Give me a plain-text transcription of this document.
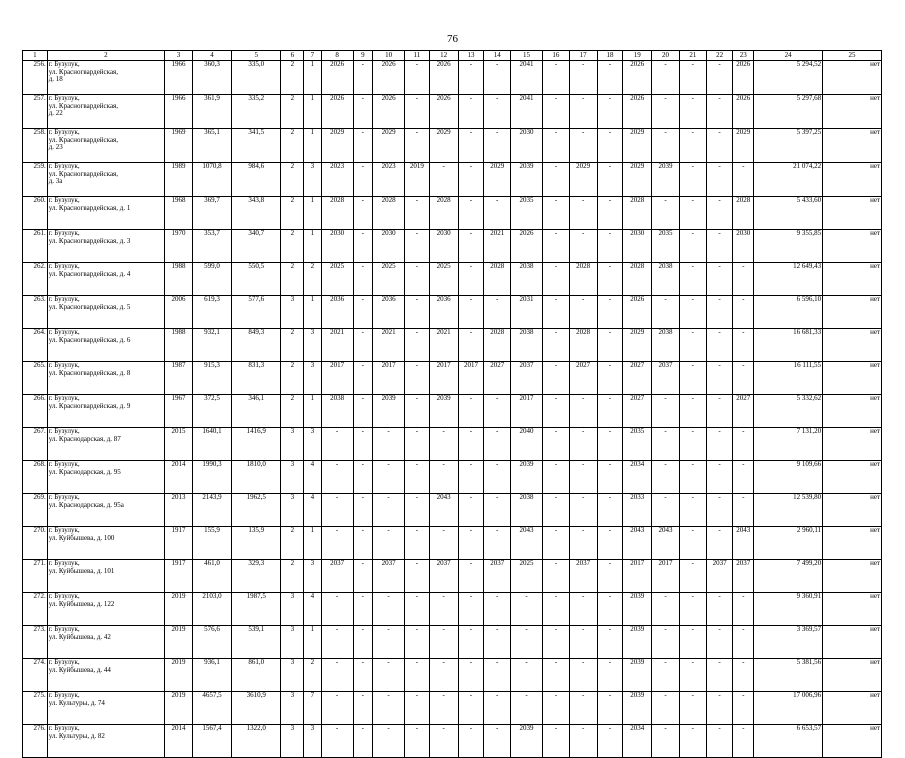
76
1	2	3	4	5	6	7	8	9	10	11	12	13	14	15	16	17	18	19	20	21	22	23	24	25
256.	г. Бузулук,
ул. Красногвардейская,
д. 18	1966	360,3	335,0	2	1	2026	-	2026	-	2026	-	-	2041	-	-	-	2026	-	-	-	2026	5 294,52	нет
257.	г. Бузулук,
ул. Красногвардейская,
д. 22	1966	361,9	335,2	2	1	2026	-	2026	-	2026	-	-	2041	-	-	-	2026	-	-	-	2026	5 297,68	нет
258.	г. Бузулук,
ул. Красногвардейская,
д. 23	1969	365,1	341,5	2	1	2029	-	2029	-	2029	-	-	2030	-	-	-	2029	-	-	-	2029	5 397,25	нет
259.	г. Бузулук,
ул. Красногвардейская,
д. 3а	1989	1070,8	984,6	2	3	2023	-	2023	2019	-	-	2029	2039	-	2029	-	2029	2039	-	-	-	21 074,22	нет
260.	г. Бузулук,
ул. Красногвардейская, д. 1	1968	369,7	343,8	2	1	2028	-	2028	-	2028	-	-	2035	-	-	-	2028	-	-	-	2028	5 433,60	нет
261.	г. Бузулук,
ул. Красногвардейская, д. 3	1970	353,7	340,7	2	1	2030	-	2030	-	2030	-	2021	2026	-	-	-	2030	2035	-	-	2030	9 355,85	нет
262.	г. Бузулук,
ул. Красногвардейская, д. 4	1988	599,0	550,5	2	2	2025	-	2025	-	2025	-	2028	2038	-	2028	-	2028	2038	-	-	-	12 649,43	нет
263.	г. Бузулук,
ул. Красногвардейская, д. 5	2006	619,3	577,6	3	1	2036	-	2036	-	2036	-	-	2031	-	-	-	2026	-	-	-	-	6 596,10	нет
264.	г. Бузулук,
ул. Красногвардейская, д. 6	1988	932,1	849,3	2	3	2021	-	2021	-	2021	-	2028	2038	-	2028	-	2029	2038	-	-	-	16 681,33	нет
265.	г. Бузулук,
ул. Красногвардейская, д. 8	1987	915,3	831,3	2	3	2017	-	2017	-	2017	2017	2027	2037	-	2027	-	2027	2037	-	-	-	16 111,55	нет
266.	г. Бузулук,
ул. Красногвардейская, д. 9	1967	372,5	346,1	2	1	2038	-	2039	-	2039	-	-	2017	-	-	-	2027	-	-	-	2027	5 332,62	нет
267.	г. Бузулук,
ул. Краснодарская, д. 87	2015	1640,1	1416,9	3	3	-	-	-	-	-	-	-	2040	-	-	-	2035	-	-	-	-	7 131,20	нет
268.	г. Бузулук,
ул. Краснодарская, д. 95	2014	1990,3	1810,0	3	4	-	-	-	-	-	-	-	2039	-	-	-	2034	-	-	-	-	9 109,66	нет
269.	г. Бузулук,
ул. Краснодарская, д. 95а	2013	2143,9	1962,5	3	4	-	-	-	-	2043	-	-	2038	-	-	-	2033	-	-	-	-	12 539,80	нет
270.	г. Бузулук,
ул. Куйбышева, д. 100	1917	155,9	135,9	2	1	-	-	-	-	-	-	-	2043	-	-	-	2043	2043	-	-	2043	2 960,11	нет
271.	г. Бузулук,
ул. Куйбышева, д. 101	1917	461,0	329,3	2	3	2037	-	2037	-	2037	-	2037	2025	-	2037	-	2017	2017	-	2037	2037	7 499,20	нет
272.	г. Бузулук,
ул. Куйбышева, д. 122	2019	2103,0	1987,5	3	4	-	-	-	-	-	-	-	-	-	-	-	2039	-	-	-	-	9 360,91	нет
273.	г. Бузулук,
ул. Куйбышева, д. 42	2019	576,6	539,1	3	1	-	-	-	-	-	-	-	-	-	-	-	2039	-	-	-	-	3 369,57	нет
274.	г. Бузулук,
ул. Куйбышева, д. 44	2019	936,1	861,0	3	2	-	-	-	-	-	-	-	-	-	-	-	2039	-	-	-	-	5 381,56	нет
275.	г. Бузулук,
ул. Культуры, д. 74	2019	4657,5	3610,9	3	7	-	-	-	-	-	-	-	-	-	-	-	2039	-	-	-	-	17 006,96	нет
276.	г. Бузулук,
ул. Культуры, д. 82	2014	1567,4	1322,0	3	3	-	-	-	-	-	-	-	2039	-	-	-	2034	-	-	-	-	6 653,57	нет
